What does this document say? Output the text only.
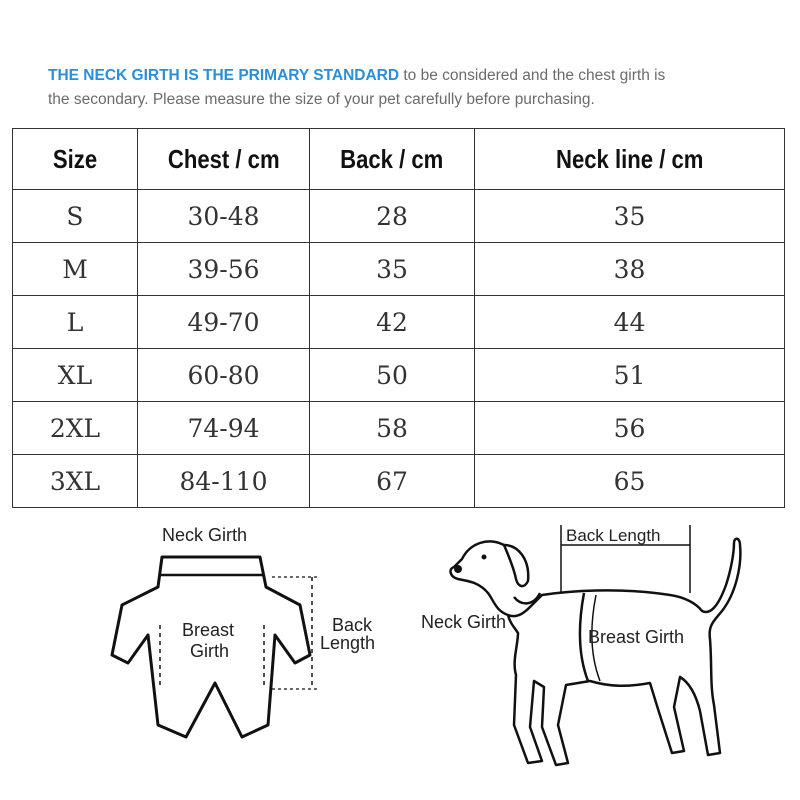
THE NECK GIRTH IS THE PRIMARY STANDARD to be considered and the chest girth is
the secondary. Please measure the size of your pet carefully before purchasing.
Size	Chest / cm	Back / cm	Neck line / cm
S	30-48	28	35
M	39-56	35	38
L	49-70	42	44
XL	60-80	50	51
2XL	74-94	58	56
3XL	84-110	67	65
Neck Girth
Breast
Girth
Back
Length
Back Length
Neck Girth
Breast Girth
